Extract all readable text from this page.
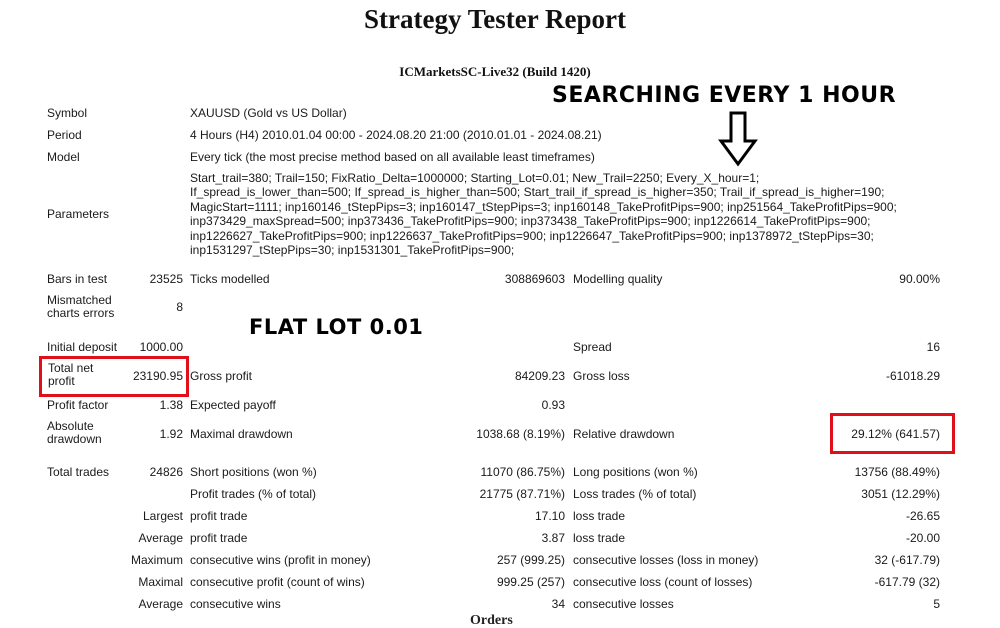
Strategy Tester Report
ICMarketsSC-Live32 (Build 1420)
SEARCHING EVERY 1 HOUR
Symbol	XAUUSD (Gold vs US Dollar)
Period	4 Hours (H4) 2010.01.04 00:00 - 2024.08.20 21:00 (2010.01.01 - 2024.08.21)
Model	Every tick (the most precise method based on all available least timeframes)
Parameters
Start_trail=380; Trail=150; FixRatio_Delta=1000000; Starting_Lot=0.01; New_Trail=2250; Every_X_hour=1;
If_spread_is_lower_than=500; If_spread_is_higher_than=500; Start_trail_if_spread_is_higher=350; Trail_if_spread_is_higher=190;
MagicStart=1111; inp160146_tStepPips=3; inp160147_tStepPips=3; inp160148_TakeProfitPips=900; inp251564_TakeProfitPips=900;
inp373429_maxSpread=500; inp373436_TakeProfitPips=900; inp373438_TakeProfitPips=900; inp1226614_TakeProfitPips=900;
inp1226627_TakeProfitPips=900; inp1226637_TakeProfitPips=900; inp1226647_TakeProfitPips=900; inp1378972_tStepPips=30;
inp1531297_tStepPips=30; inp1531301_TakeProfitPips=900;
Bars in test	23525 Ticks modelled	308869603 Modelling quality	90.00%
Mismatched
charts errors	8
FLAT LOT 0.01
Initial deposit	1000.00	Spread	16
Total net
profit	23190.95 Gross profit	84209.23 Gross loss	-61018.29
Profit factor	1.38 Expected payoff	0.93
Absolute
drawdown	1.92 Maximal drawdown	1038.68 (8.19%) Relative drawdown	29.12% (641.57)
Total trades	24826 Short positions (won %)	11070 (86.75%) Long positions (won %)	13756 (88.49%)
Profit trades (% of total)	21775 (87.71%) Loss trades (% of total)	3051 (12.29%)
Largest profit trade	17.10 loss trade	-26.65
Average profit trade	3.87 loss trade	-20.00
Maximum consecutive wins (profit in money)	257 (999.25) consecutive losses (loss in money)	32 (-617.79)
Maximal consecutive profit (count of wins)	999.25 (257) consecutive loss (count of losses)	-617.79 (32)
Average consecutive wins	34 consecutive losses	5
Orders
